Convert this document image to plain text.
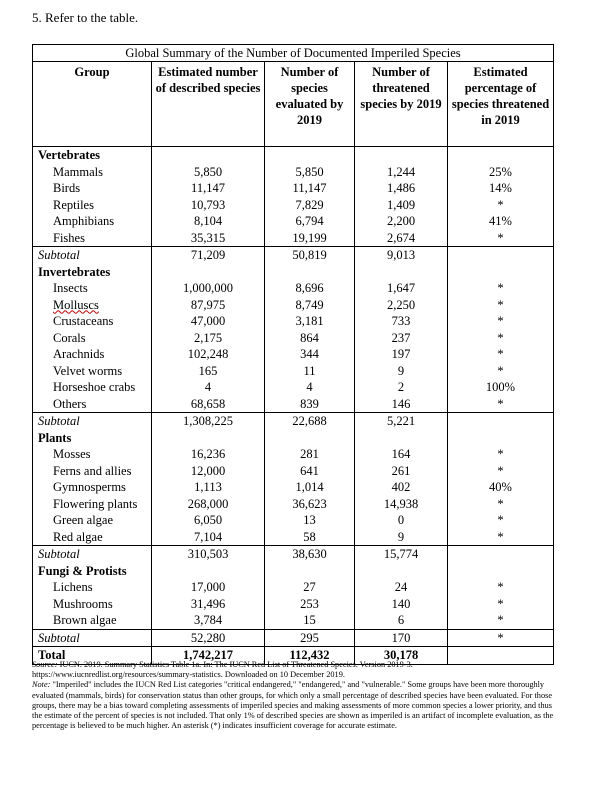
5. Refer to the table.
Global Summary of the Number of Documented Imperiled Species
Group	Estimated number of described species	Number of species evaluated by 2019	Number of threatened species by 2019	Estimated percentage of species threatened in 2019
Vertebrates				
Mammals	5,850	5,850	1,244	25%
Birds	11,147	11,147	1,486	14%
Reptiles	10,793	7,829	1,409	*
Amphibians	8,104	6,794	2,200	41%
Fishes	35,315	19,199	2,674	*
Subtotal	71,209	50,819	9,013	
Invertebrates				
Insects	1,000,000	8,696	1,647	*
Molluscs	87,975	8,749	2,250	*
Crustaceans	47,000	3,181	733	*
Corals	2,175	864	237	*
Arachnids	102,248	344	197	*
Velvet worms	165	11	9	*
Horseshoe crabs	4	4	2	100%
Others	68,658	839	146	*
Subtotal	1,308,225	22,688	5,221	
Plants				
Mosses	16,236	281	164	*
Ferns and allies	12,000	641	261	*
Gymnosperms	1,113	1,014	402	40%
Flowering plants	268,000	36,623	14,938	*
Green algae	6,050	13	0	*
Red algae	7,104	58	9	*
Subtotal	310,503	38,630	15,774	
Fungi & Protists				
Lichens	17,000	27	24	*
Mushrooms	31,496	253	140	*
Brown algae	3,784	15	6	*
Subtotal	52,280	295	170	*
Total	1,742,217	112,432	30,178	

Source: IUCN. 2019. Summary Statistics Table 1a. In: The IUCN Red List of Threatened Species. Version 2019-3. https://www.iucnredlist.org/resources/summary-statistics. Downloaded on 10 December 2019.

Note: "Imperiled" includes the IUCN Red List categories "critical endangered," "endangered," and "vulnerable." Some groups have been more thoroughly evaluated (mammals, birds) for conservation status than other groups, for which only a small percentage of described species have been evaluated. For those groups, there may be a bias toward completing assessments of imperiled species and making assessments of more common species a lower priority, and thus the estimate of the percent of species is not included. That only 1% of described species are shown as imperiled is an artifact of incomplete evaluation, as the percentage is believed to be much higher. An asterisk (*) indicates insufficient coverage for accurate estimate.
